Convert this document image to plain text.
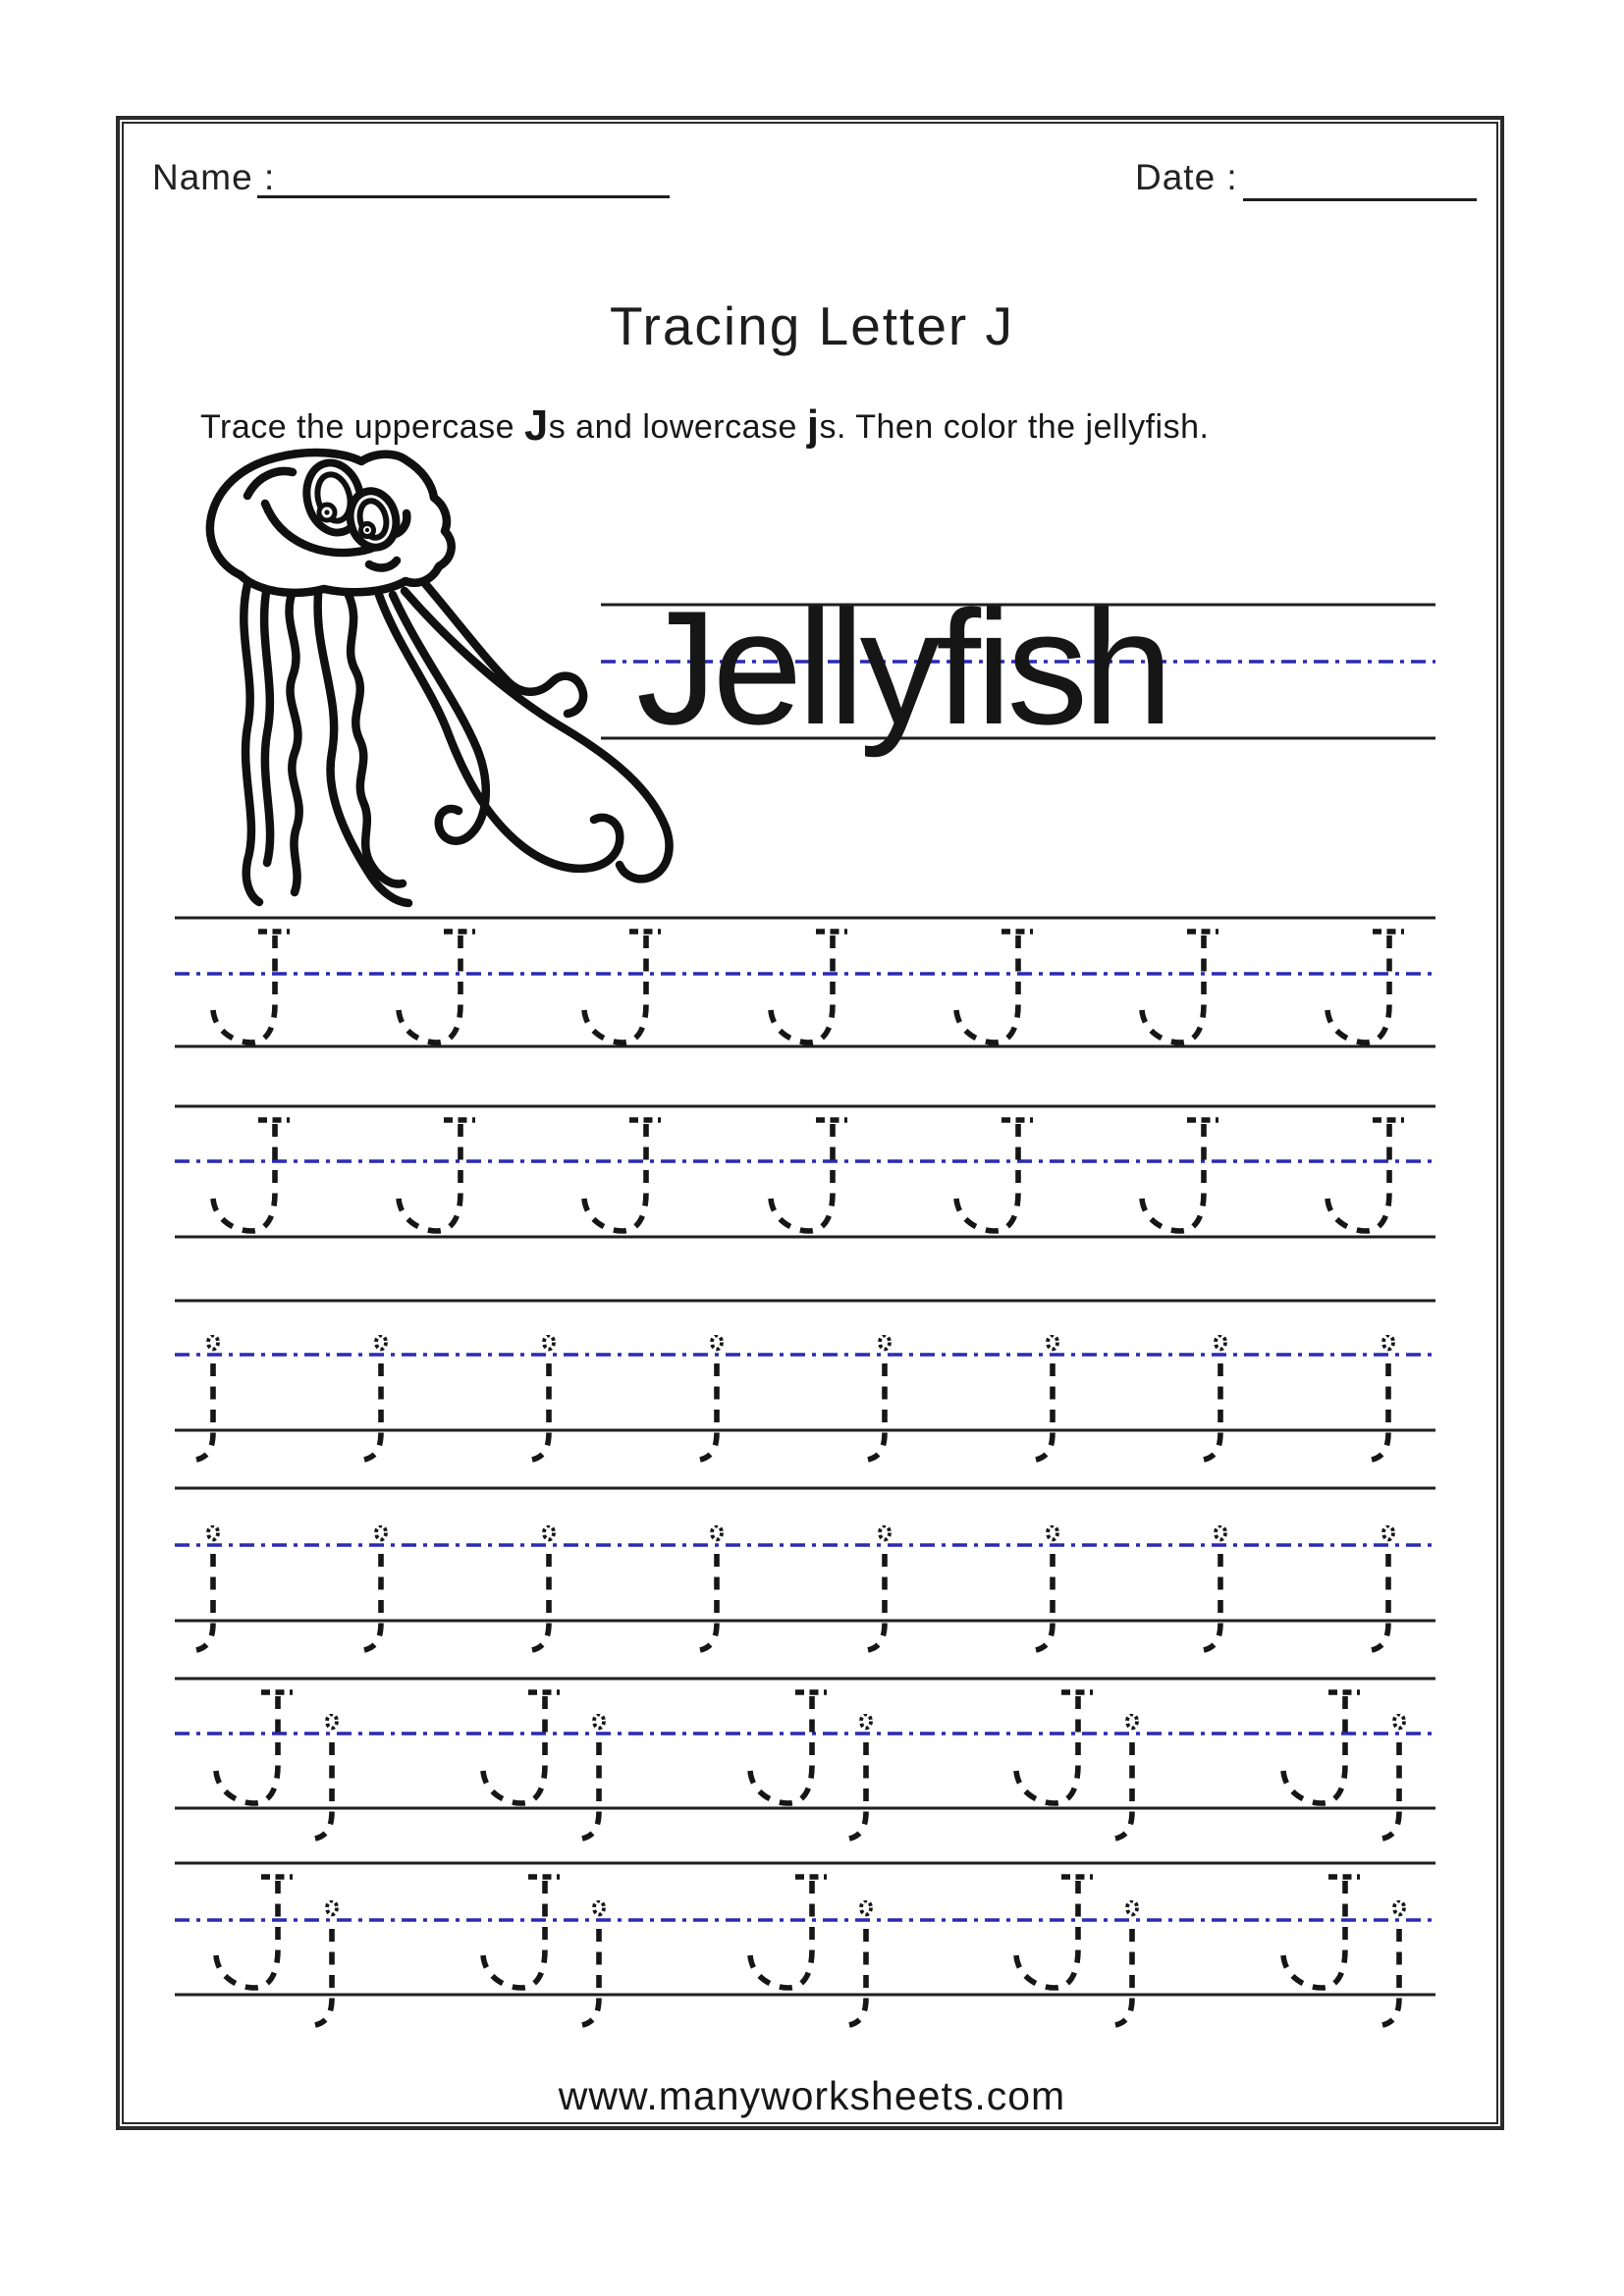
Name :	Date :
Tracing Letter J

Trace the uppercase Js and lowercase js. Then color the jellyfish.

Jellyfish
www.manyworksheets.com
